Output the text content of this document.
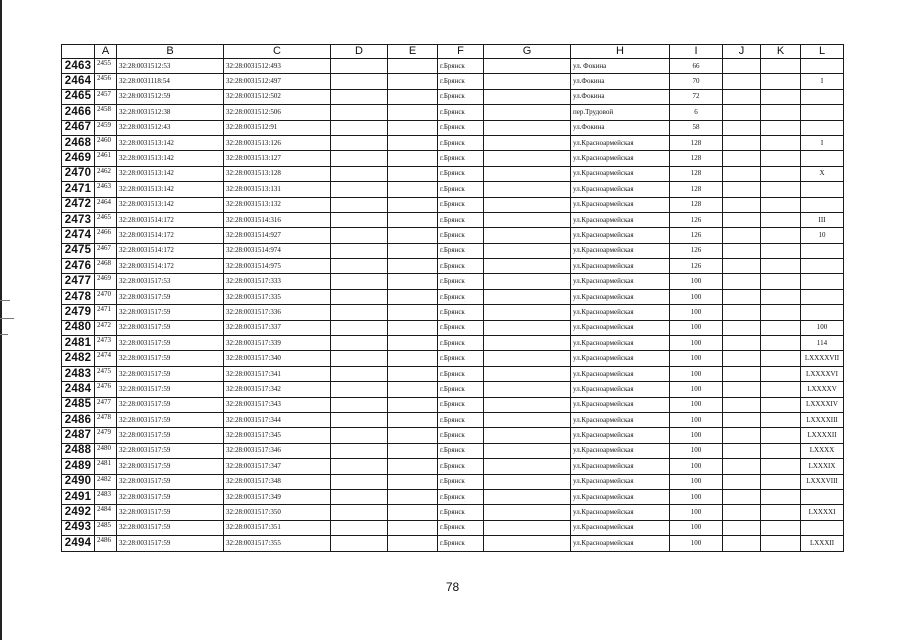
	A	B	C	D	E	F	G	H	I	J	K	L
2463	2455	32:28:0031512:53	32:28:0031512:493			г.Брянск		ул. Фокина	66			
2464	2456	32:28:0031118:54	32:28:0031512:497			г.Брянск		ул.Фокина	70			I
2465	2457	32:28:0031512:59	32:28:0031512:502			г.Брянск		ул.Фокина	72			
2466	2458	32:28:0031512:38	32:28:0031512:506			г.Брянск		пер.Трудовой	6			
2467	2459	32:28:0031512:43	32:28:0031512:91			г.Брянск		ул.Фокина	58			
2468	2460	32:28:0031513:142	32:28:0031513:126			г.Брянск		ул.Красноармейская	128			I
2469	2461	32:28:0031513:142	32:28:0031513:127			г.Брянск		ул.Красноармейская	128			
2470	2462	32:28:0031513:142	32:28:0031513:128			г.Брянск		ул.Красноармейская	128			X
2471	2463	32:28:0031513:142	32:28:0031513:131			г.Брянск		ул.Красноармейская	128			
2472	2464	32:28:0031513:142	32:28:0031513:132			г.Брянск		ул.Красноармейская	128			
2473	2465	32:28:0031514:172	32:28:0031514:316			г.Брянск		ул.Красноармейская	126			III
2474	2466	32:28:0031514:172	32:28:0031514:927			г.Брянск		ул.Красноармейская	126			10
2475	2467	32:28:0031514:172	32:28:0031514:974			г.Брянск		ул.Красноармейская	126			
2476	2468	32:28:0031514:172	32:28:0031514:975			г.Брянск		ул.Красноармейская	126			
2477	2469	32:28:0031517:53	32:28:0031517:333			г.Брянск		ул.Красноармейская	100			
2478	2470	32:28:0031517:59	32:28:0031517:335			г.Брянск		ул.Красноармейская	100			
2479	2471	32:28:0031517:59	32:28:0031517:336			г.Брянск		ул.Красноармейская	100			
2480	2472	32:28:0031517:59	32:28:0031517:337			г.Брянск		ул.Красноармейская	100			100
2481	2473	32:28:0031517:59	32:28:0031517:339			г.Брянск		ул.Красноармейская	100			114
2482	2474	32:28:0031517:59	32:28:0031517:340			г.Брянск		ул.Красноармейская	100			LXXXXVII
2483	2475	32:28:0031517:59	32:28:0031517:341			г.Брянск		ул.Красноармейская	100			LXXXXVI
2484	2476	32:28:0031517:59	32:28:0031517:342			г.Брянск		ул.Красноармейская	100			LXXXXV
2485	2477	32:28:0031517:59	32:28:0031517:343			г.Брянск		ул.Красноармейская	100			LXXXXIV
2486	2478	32:28:0031517:59	32:28:0031517:344			г.Брянск		ул.Красноармейская	100			LXXXXIII
2487	2479	32:28:0031517:59	32:28:0031517:345			г.Брянск		ул.Красноармейская	100			LXXXXII
2488	2480	32:28:0031517:59	32:28:0031517:346			г.Брянск		ул.Красноармейская	100			LXXXX
2489	2481	32:28:0031517:59	32:28:0031517:347			г.Брянск		ул.Красноармейская	100			LXXXIX
2490	2482	32:28:0031517:59	32:28:0031517:348			г.Брянск		ул.Красноармейская	100			LXXXVIII
2491	2483	32:28:0031517:59	32:28:0031517:349			г.Брянск		ул.Красноармейская	100			
2492	2484	32:28:0031517:59	32:28:0031517:350			г.Брянск		ул.Красноармейская	100			LXXXXI
2493	2485	32:28:0031517:59	32:28:0031517:351			г.Брянск		ул.Красноармейская	100			
2494	2486	32:28:0031517:59	32:28:0031517:355			г.Брянск		ул.Красноармейская	100			LXXXII
78
